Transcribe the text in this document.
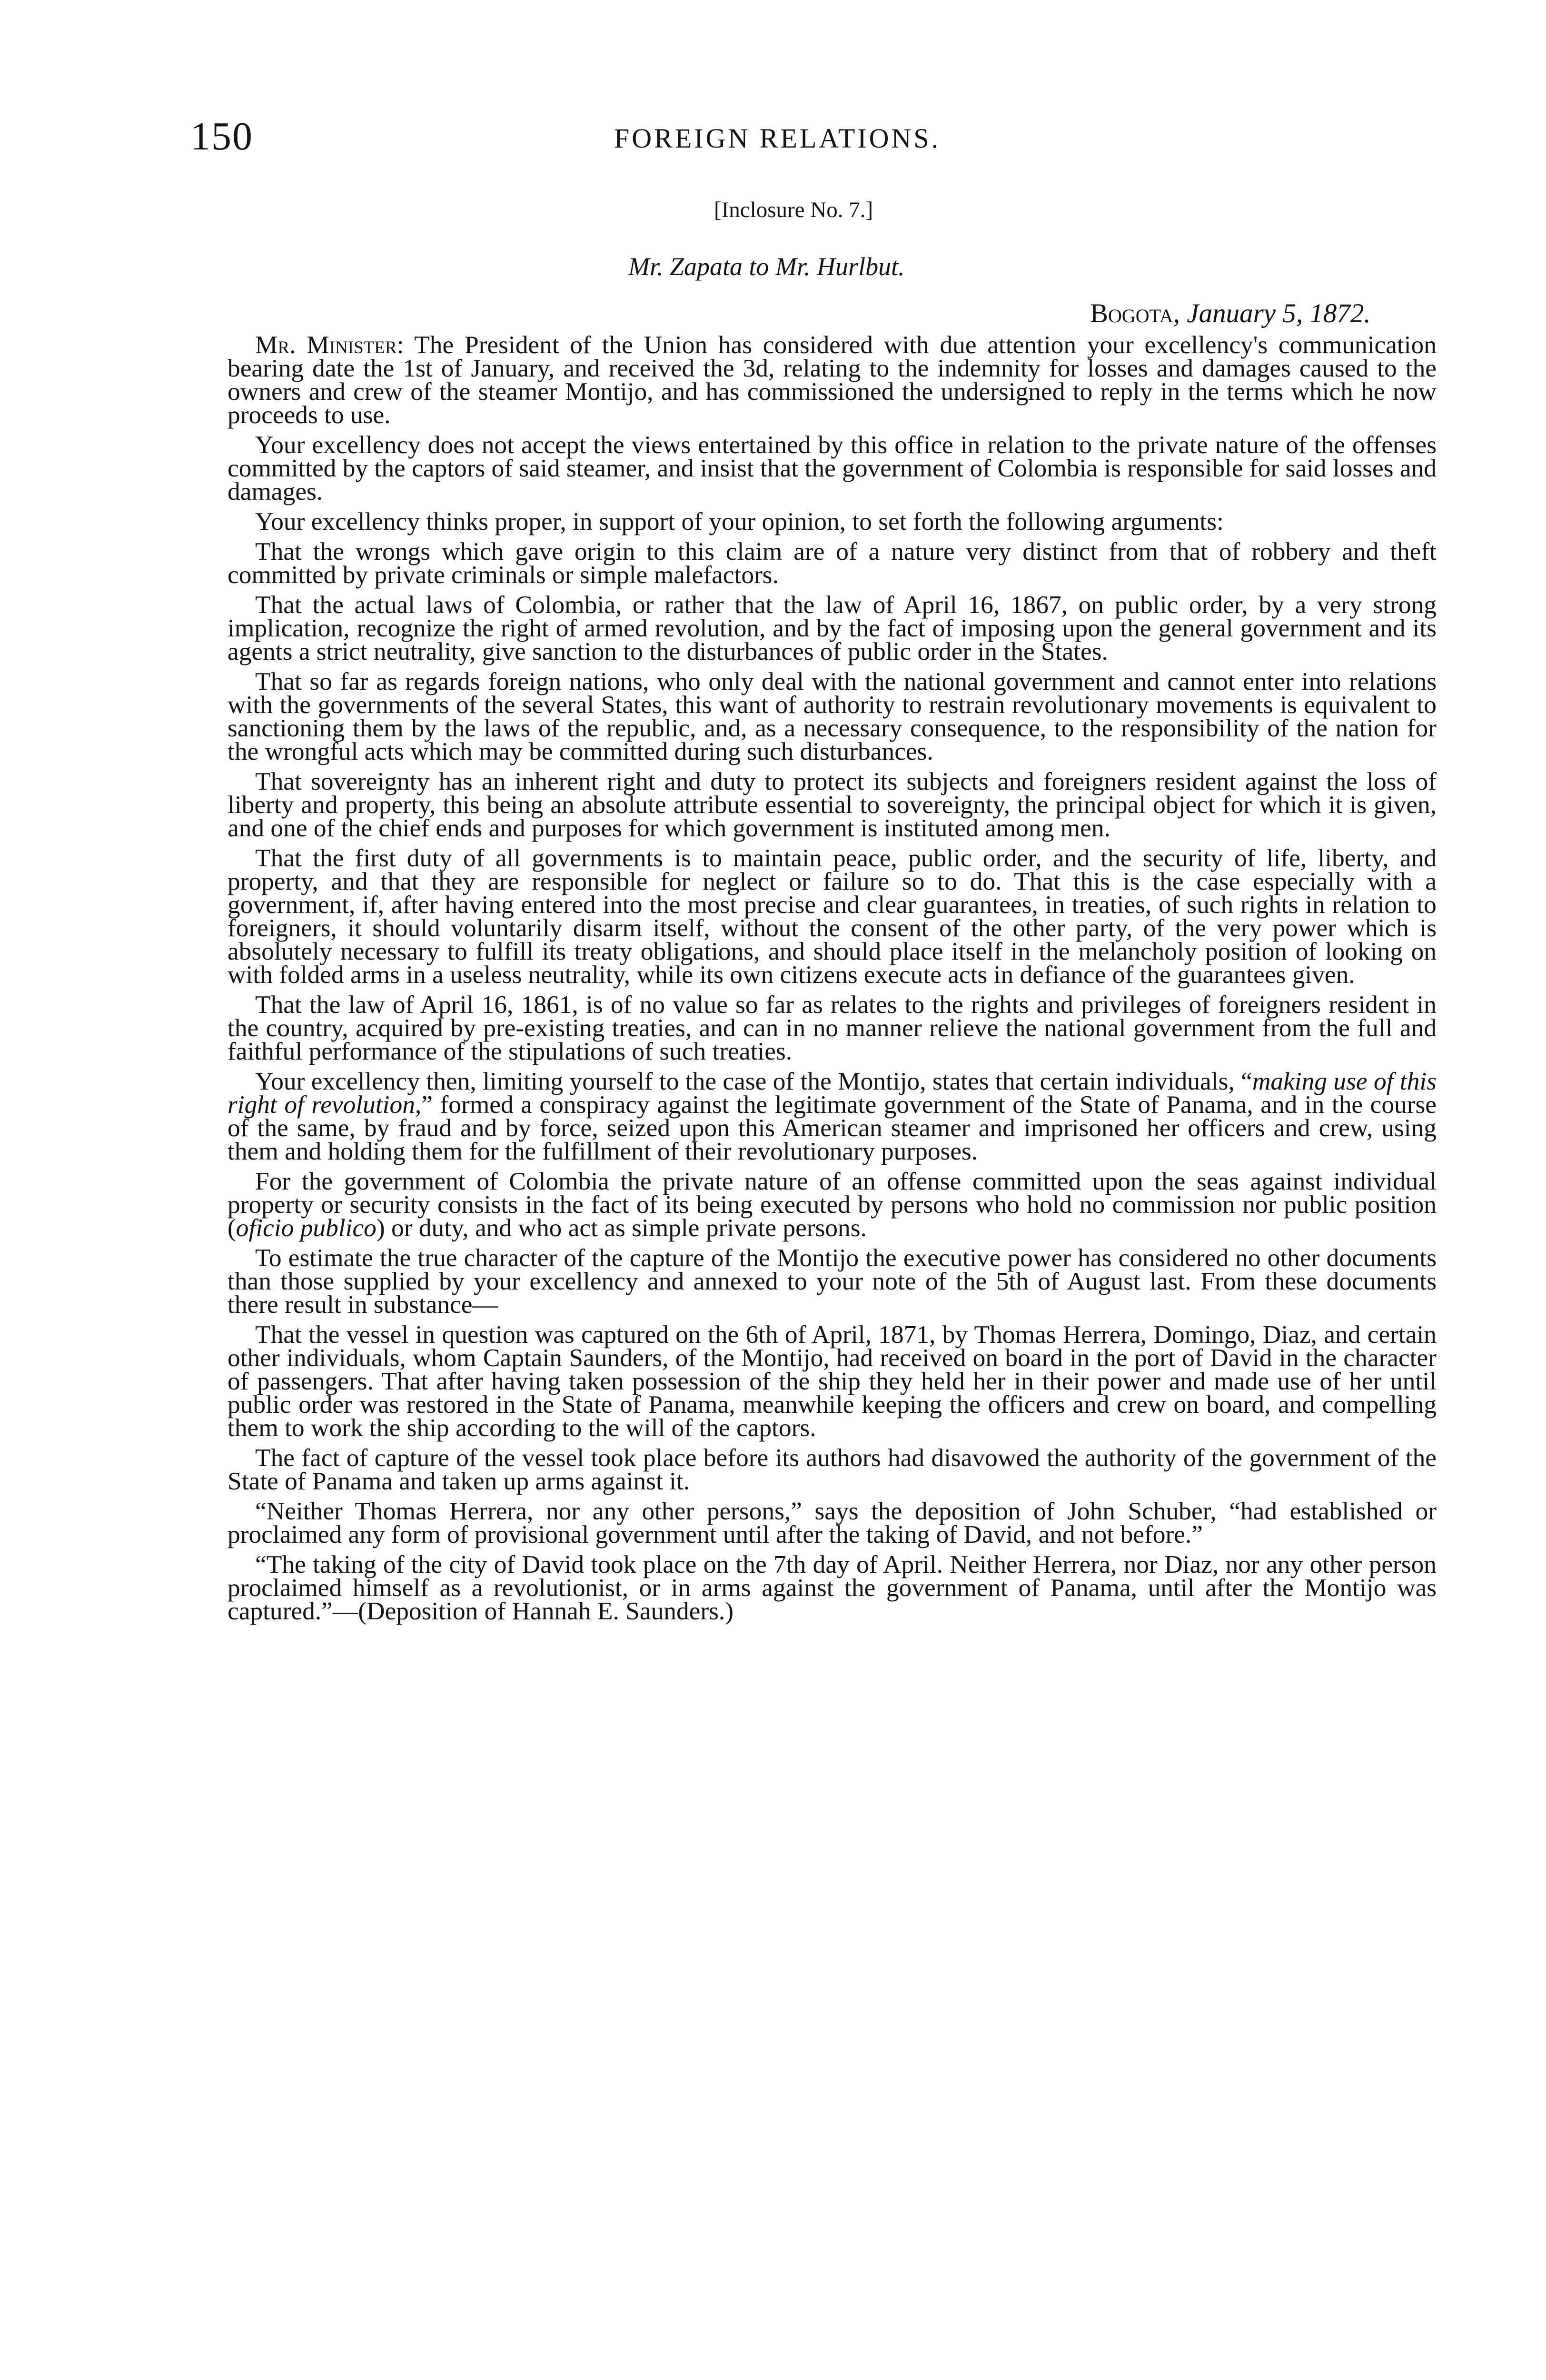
150	FOREIGN RELATIONS.
[Inclosure No. 7.]
Mr. Zapata to Mr. Hurlbut.
Bogota, January 5, 1872.

Mr. Minister: The President of the Union has considered with due attention your excellency's communication bearing date the 1st of January, and received the 3d, relating to the indemnity for losses and damages caused to the owners and crew of the steamer Montijo, and has commissioned the undersigned to reply in the terms which he now proceeds to use.

Your excellency does not accept the views entertained by this office in relation to the private nature of the offenses committed by the captors of said steamer, and insist that the government of Colombia is responsible for said losses and damages.

Your excellency thinks proper, in support of your opinion, to set forth the following arguments:

That the wrongs which gave origin to this claim are of a nature very distinct from that of robbery and theft committed by private criminals or simple malefactors.

That the actual laws of Colombia, or rather that the law of April 16, 1867, on public order, by a very strong implication, recognize the right of armed revolution, and by the fact of imposing upon the general government and its agents a strict neutrality, give sanction to the disturbances of public order in the States.

That so far as regards foreign nations, who only deal with the national government and cannot enter into relations with the governments of the several States, this want of authority to restrain revolutionary movements is equivalent to sanctioning them by the laws of the republic, and, as a necessary consequence, to the responsibility of the nation for the wrongful acts which may be committed during such disturbances.

That sovereignty has an inherent right and duty to protect its subjects and foreigners resident against the loss of liberty and property, this being an absolute attribute essential to sovereignty, the principal object for which it is given, and one of the chief ends and purposes for which government is instituted among men.

That the first duty of all governments is to maintain peace, public order, and the security of life, liberty, and property, and that they are responsible for neglect or failure so to do. That this is the case especially with a government, if, after having entered into the most precise and clear guarantees, in treaties, of such rights in relation to foreigners, it should voluntarily disarm itself, without the consent of the other party, of the very power which is absolutely necessary to fulfill its treaty obligations, and should place itself in the melancholy position of looking on with folded arms in a useless neutrality, while its own citizens execute acts in defiance of the guarantees given.

That the law of April 16, 1861, is of no value so far as relates to the rights and privileges of foreigners resident in the country, acquired by pre-existing treaties, and can in no manner relieve the national government from the full and faithful performance of the stipulations of such treaties.

Your excellency then, limiting yourself to the case of the Montijo, states that certain individuals, “making use of this right of revolution,” formed a conspiracy against the legitimate government of the State of Panama, and in the course of the same, by fraud and by force, seized upon this American steamer and imprisoned her officers and crew, using them and holding them for the fulfillment of their revolutionary purposes.

For the government of Colombia the private nature of an offense committed upon the seas against individual property or security consists in the fact of its being executed by persons who hold no commission nor public position (oficio publico) or duty, and who act as simple private persons.

To estimate the true character of the capture of the Montijo the executive power has considered no other documents than those supplied by your excellency and annexed to your note of the 5th of August last. From these documents there result in substance—

That the vessel in question was captured on the 6th of April, 1871, by Thomas Herrera, Domingo, Diaz, and certain other individuals, whom Captain Saunders, of the Montijo, had received on board in the port of David in the character of passengers. That after having taken possession of the ship they held her in their power and made use of her until public order was restored in the State of Panama, meanwhile keeping the officers and crew on board, and compelling them to work the ship according to the will of the captors.

The fact of capture of the vessel took place before its authors had disavowed the authority of the government of the State of Panama and taken up arms against it.

“Neither Thomas Herrera, nor any other persons,” says the deposition of John Schuber, “had established or proclaimed any form of provisional government until after the taking of David, and not before.”

“The taking of the city of David took place on the 7th day of April. Neither Herrera, nor Diaz, nor any other person proclaimed himself as a revolutionist, or in arms against the government of Panama, until after the Montijo was captured.”—(Deposition of Hannah E. Saunders.)
